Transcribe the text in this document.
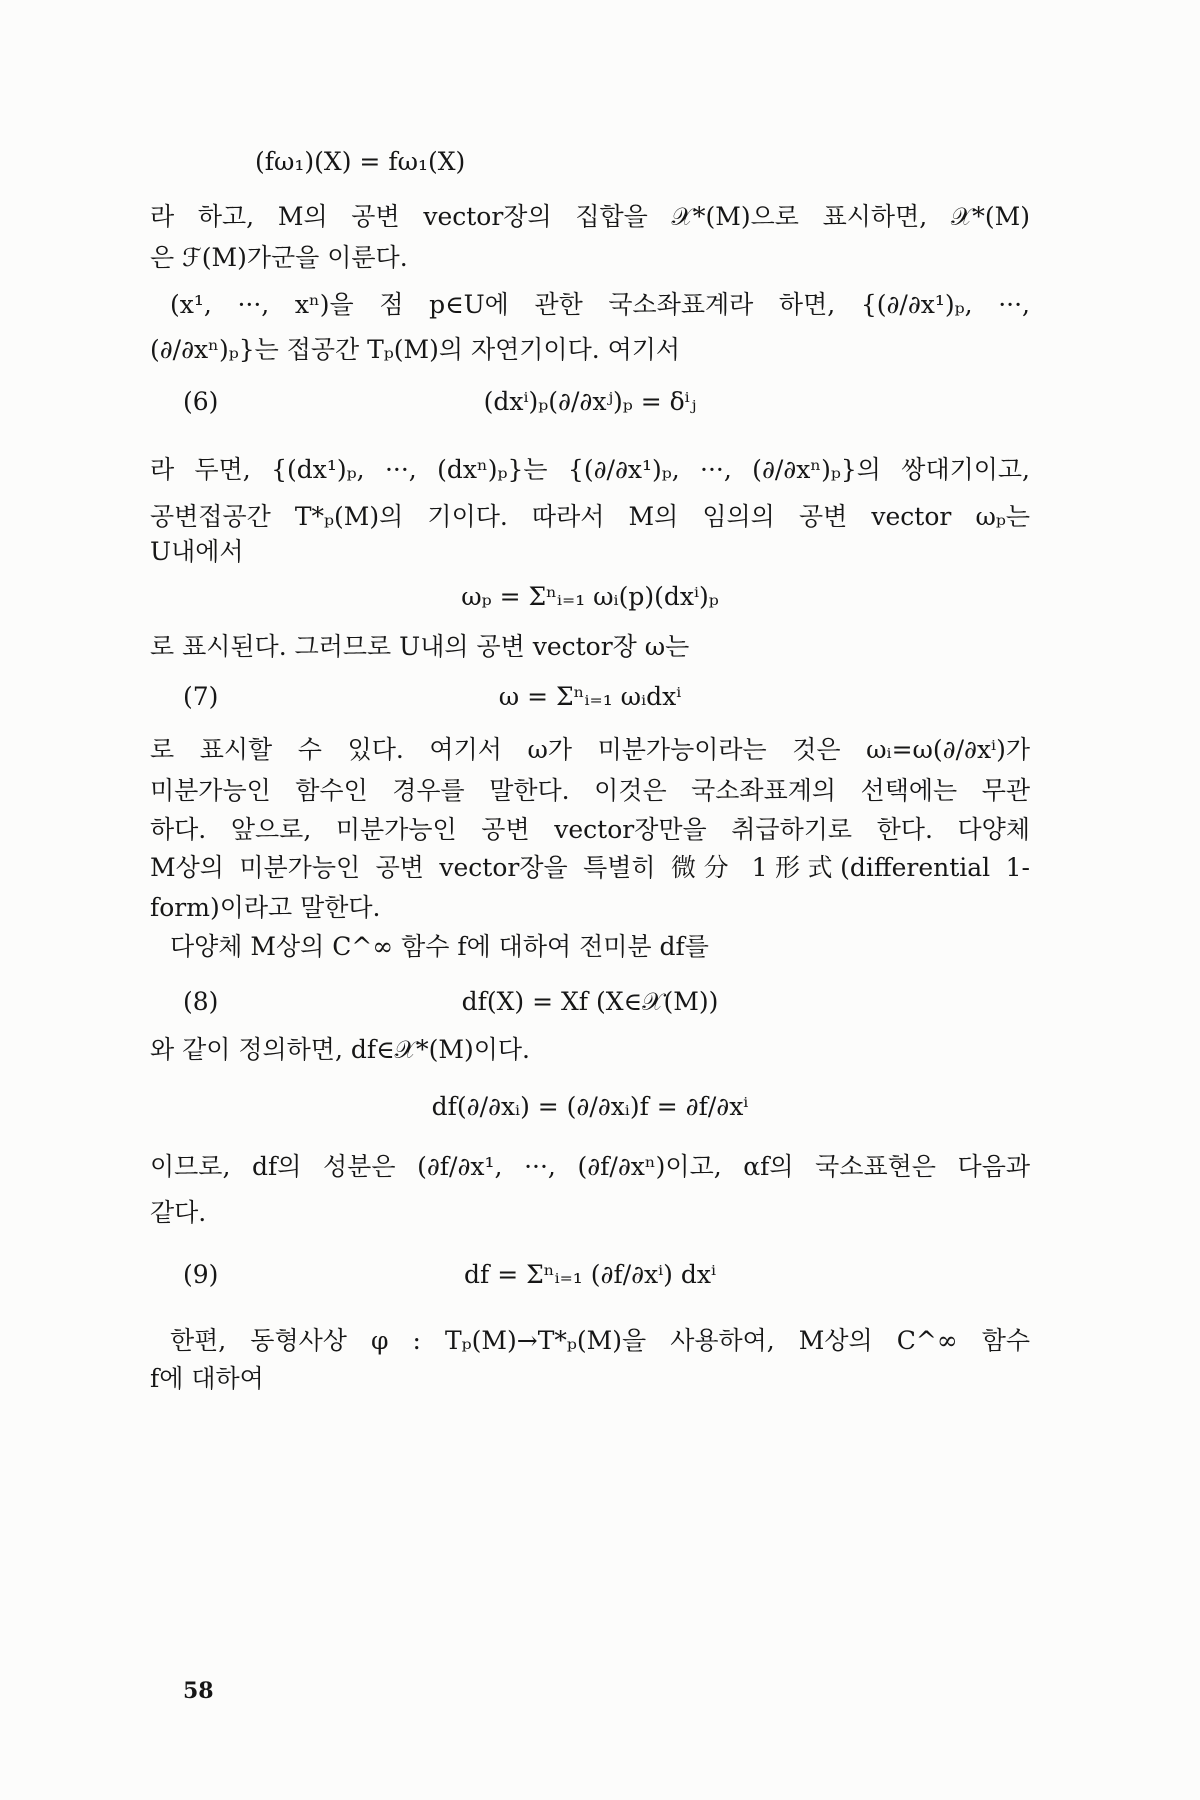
(fω₁)(X) = fω₁(X)
라 하고, M의 공변 vector장의 집합을 𝒳*(M)으로 표시하면, 𝒳*(M)
은 ℱ(M)가군을 이룬다.
(x¹, ···, xⁿ)을 점 p∈U에 관한 국소좌표계라 하면, {(∂/∂x¹)ₚ, ···,
(∂/∂xⁿ)ₚ}는 접공간 Tₚ(M)의 자연기이다. 여기서
(6)	(dxⁱ)ₚ(∂/∂xʲ)ₚ = δⁱⱼ
라 두면, {(dx¹)ₚ, ···, (dxⁿ)ₚ}는 {(∂/∂x¹)ₚ, ···, (∂/∂xⁿ)ₚ}의 쌍대기이고,
공변접공간 T*ₚ(M)의 기이다. 따라서 M의 임의의 공변 vector ωₚ는
U내에서
ωₚ = Σⁿᵢ₌₁ ωᵢ(p)(dxⁱ)ₚ
로 표시된다. 그러므로 U내의 공변 vector장 ω는
(7)	ω = Σⁿᵢ₌₁ ωᵢdxⁱ
로 표시할 수 있다. 여기서 ω가 미분가능이라는 것은 ωᵢ=ω(∂/∂xⁱ)가
미분가능인 함수인 경우를 말한다. 이것은 국소좌표계의 선택에는 무관
하다. 앞으로, 미분가능인 공변 vector장만을 취급하기로 한다. 다양체
M상의 미분가능인 공변 vector장을 특별히 微分 1形式(differential 1-
form)이라고 말한다.
다양체 M상의 C^∞ 함수 f에 대하여 전미분 df를
(8)	df(X) = Xf (X∈𝒳(M))
와 같이 정의하면, df∈𝒳*(M)이다.
df(∂/∂xᵢ) = (∂/∂xᵢ)f = ∂f/∂xⁱ
이므로, df의 성분은 (∂f/∂x¹, ···, (∂f/∂xⁿ)이고, αf의 국소표현은 다음과
같다.
(9)	df = Σⁿᵢ₌₁ (∂f/∂xⁱ) dxⁱ
한편, 동형사상 φ : Tₚ(M)→T*ₚ(M)을 사용하여, M상의 C^∞ 함수
f에 대하여
58
